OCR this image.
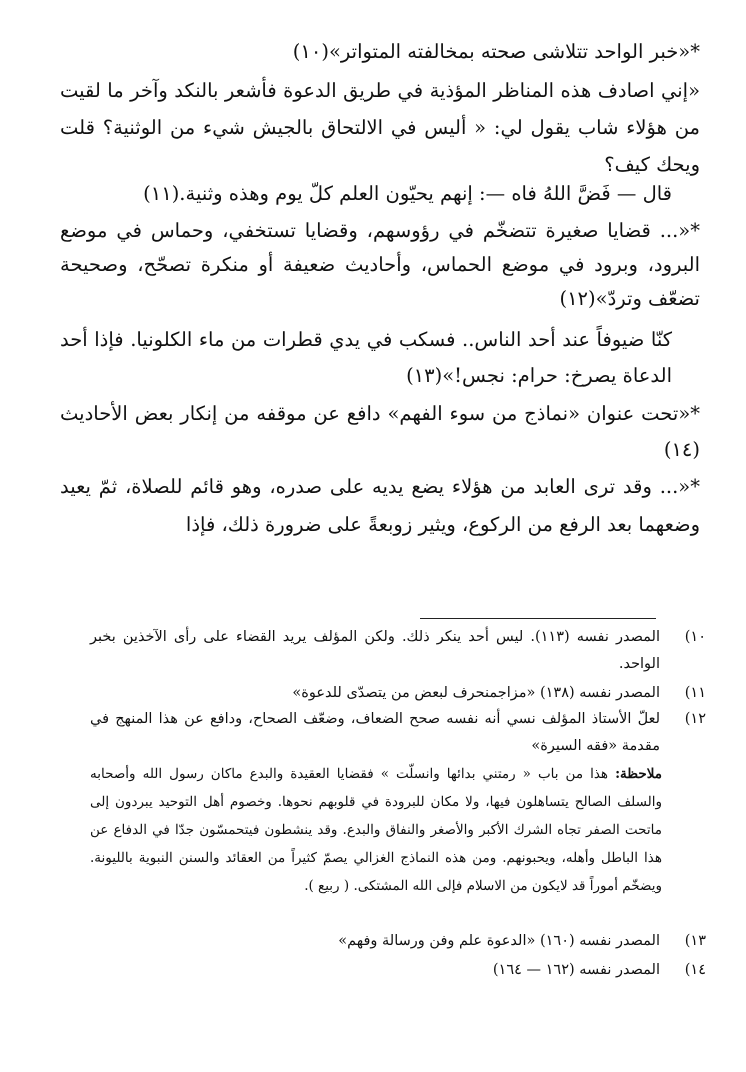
*«خبر الواحد تتلاشى صحته بمخالفته المتواتر»(١٠)

«إني اصادف هذه المناظر المؤذية في طريق الدعوة فأشعر بالنكد وآخر ما لقيت من هؤلاء شاب يقول لي: « أليس في الالتحاق بالجيش شيء من الوثنية؟ قلت ويحك كيف؟

قال — فَضَّ اللهُ فاه —: إنهم يحيّون العلم كلّ يوم وهذه وثنية.(١١)

*«... قضايا صغيرة تتضخّم في رؤوسهم، وقضايا تستخفي، وحماس في موضع البرود، وبرود في موضع الحماس، وأحاديث ضعيفة أو منكرة تصحّح، وصحيحة تضعّف وتردّ»(١٢)

كنّا ضيوفاً عند أحد الناس.. فسكب في يدي قطرات من ماء الكلونيا. فإذا أحد الدعاة يصرخ: حرام: نجس!»(١٣)

*«تحت عنوان «نماذج من سوء الفهم» دافع عن موقفه من إنكار بعض الأحاديث (١٤)

*«... وقد ترى العابد من هؤلاء يضع يديه على صدره، وهو قائم للصلاة، ثمّ يعيد وضعهما بعد الرفع من الركوع، ويثير زوبعةً على ضرورة ذلك، فإذا

١٠)
المصدر نفسه (١١٣). ليس أحد ينكر ذلك. ولكن المؤلف يريد القضاء على رأى الآخذين بخبر الواحد.
١١)
المصدر نفسه (١٣٨) «مزاجمنحرف لبعض من يتصدّى للدعوة»
١٢)
لعلّ الأستاذ المؤلف نسي أنه نفسه صحح الضعاف، وضعّف الصحاح، ودافع عن هذا المنهج في مقدمة «فقه السيرة»
ملاحظة: هذا من باب « رمتني بدائها وانسلّت » فقضايا العقيدة والبدع ماكان رسول الله وأصحابه والسلف الصالح يتساهلون فيها، ولا مكان للبرودة في قلوبهم نحوها. وخصوم أهل التوحيد يبردون إلى ماتحت الصفر تجاه الشرك الأكبر والأصغر والنفاق والبدع. وقد ينشطون فيتحمسّون جدّا في الدفاع عن هذا الباطل وأهله، ويحبونهم. ومن هذه النماذج الغزالي يصمّ كثيراً من العقائد والسنن النبوية بالليونة. ويضخّم أموراً قد لايكون من الاسلام فإلى الله المشتكى. ( ربيع ).
١٣)
المصدر نفسه (١٦٠) «الدعوة علم وفن ورسالة وفهم»
١٤)
المصدر نفسه (١٦٢ — ١٦٤)
